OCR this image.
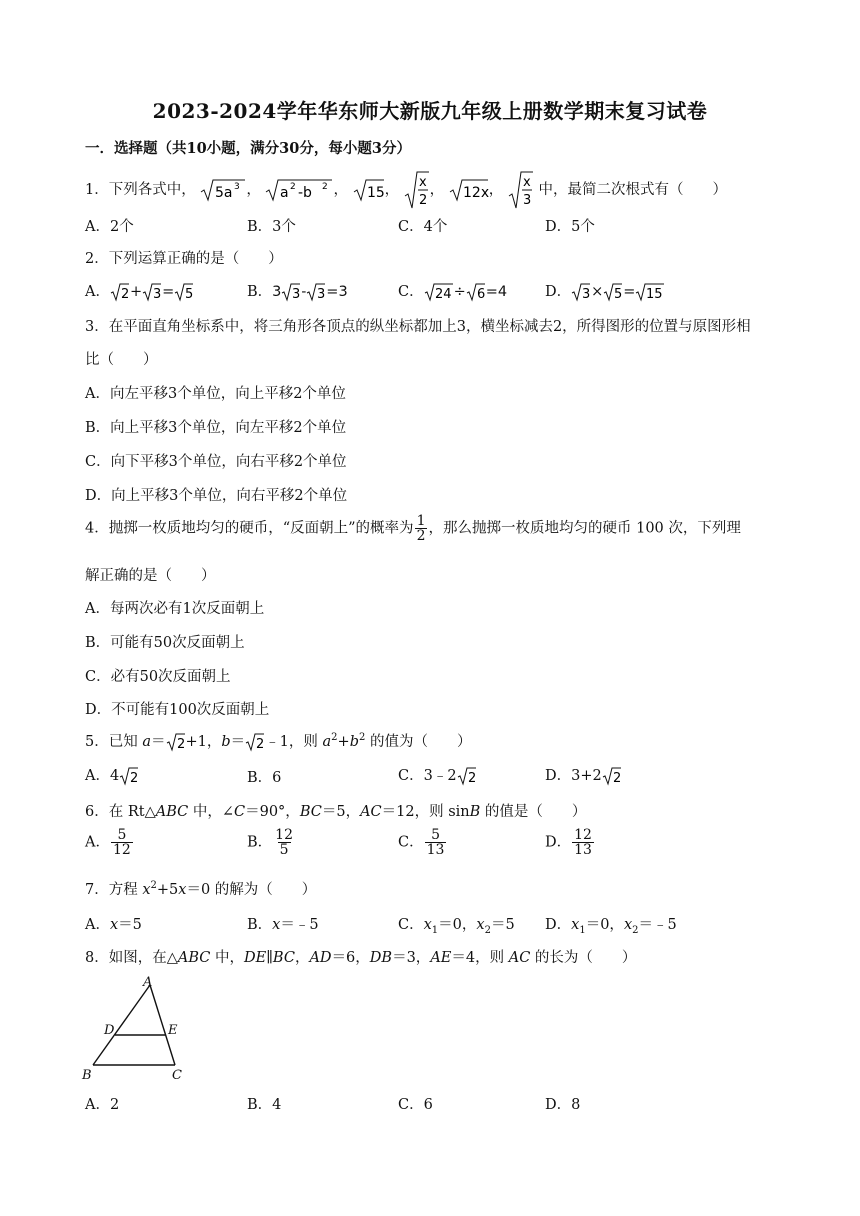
2023-2024学年华东师大新版九年级上册数学期末复习试卷
一．选择题（共10小题，满分30分，每小题3分）
1．下列各式中， 5a 3 ， a 2 -b 2 ， 15 ， x
2
， 12x ， x
3
中，最简二次根式有（　　）
A．2个	B．3个	C．4个	D．5个
2．下列运算正确的是（　　）
A． 2 + 3 = 5	B．3 3 - 3 =3	C． 24 ÷ 6 =4	D． 3 × 5 = 15
3．在平面直角坐标系中，将三角形各顶点的纵坐标都加上3，横坐标减去2，所得图形的位置与原图形相
比（　　）
A．向左平移3个单位，向上平移2个单位
B．向上平移3个单位，向左平移2个单位
C．向下平移3个单位，向右平移2个单位
D．向上平移3个单位，向右平移2个单位
4．抛掷一枚质地均匀的硬币，“反面朝上”的概率为 $\frac{1}{2}$ ，那么抛掷一枚质地均匀的硬币 100 次，下列理
解正确的是（　　）
A．每两次必有1次反面朝上
B．可能有50次反面朝上
C．必有50次反面朝上
D．不可能有100次反面朝上
5．已知 a＝ 2 +1，b＝ 2 ﹣1，则 $a^2+b^2$ 的值为（　　）
A．4 2	B．6	C．3﹣2 2	D．3+2 2
6．在 Rt△ABC 中，∠C＝90°，BC＝5，AC＝12，则 sinB 的值是（　　）
A． $\frac{5}{12}$	B． $\frac{12}{5}$	C． $\frac{5}{13}$	D． $\frac{12}{13}$
7．方程 $x^2+5x=0$ 的解为（　　）
A．x＝5	B．x＝﹣5	C．$x_1=0$，$x_2=5$ D．$x_1=0$，$x_2=﹣5$
8．如图，在△ABC 中，DE∥BC，AD＝6，DB＝3，AE＝4，则 AC 的长为（　　）
A
D	E
B	C
A．2	B．4	C．6	D．8
